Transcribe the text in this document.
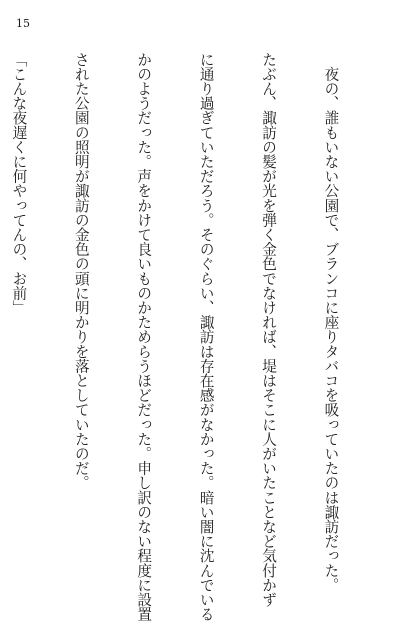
15

　夜の、誰もいない公園で、ブランコに座りタバコを吸っていたのは諏訪だった。

たぶん、諏訪の髪が光を弾く金色でなければ、堤はそこに人がいたことなど気付かず

に通り過ぎていただろう。そのぐらい、諏訪は存在感がなかった。暗い闇に沈んでいる

かのようだった。声をかけて良いものかためらうほどだった。申し訳のない程度に設置

された公園の照明が諏訪の金色の頭に明かりを落としていたのだ。

「こんな夜遅くに何やってんの、お前」
